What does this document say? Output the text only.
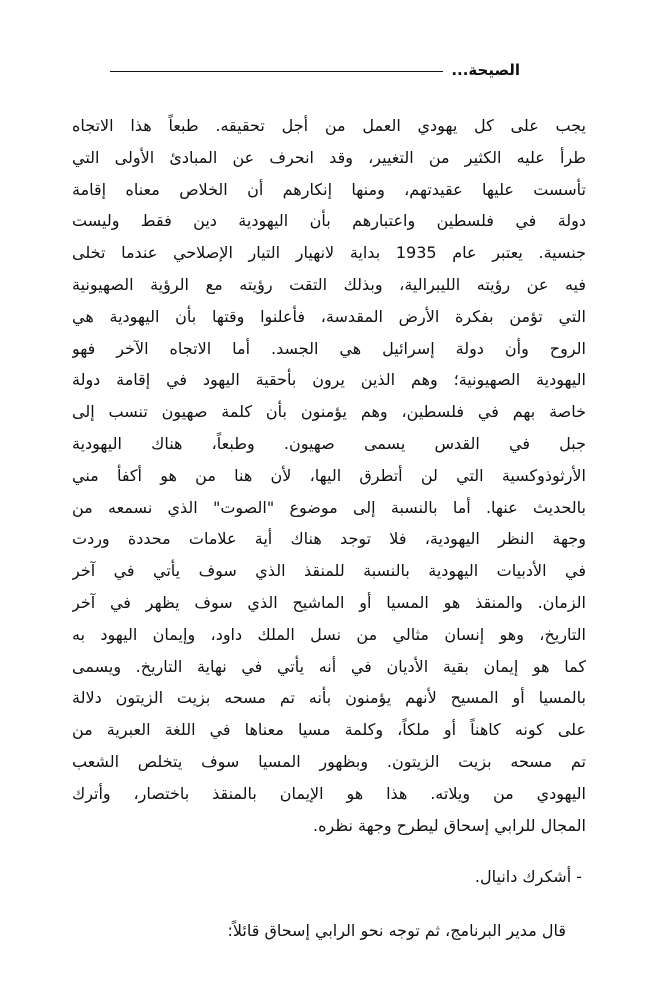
الصيحة...
يجب على كل يهودي العمل من أجل تحقيقه. طبعاً هذا الاتجاه
طرأ عليه الكثير من التغيير، وقد انحرف عن المبادئ الأولى التي
تأسست عليها عقيدتهم، ومنها إنكارهم أن الخلاص معناه إقامة
دولة في فلسطين واعتبارهم بأن اليهودية دين فقط وليست
جنسية. يعتبر عام 1935 بداية لانهيار التيار الإصلاحي عندما تخلى
فيه عن رؤيته الليبرالية، وبذلك التقت رؤيته مع الرؤية الصهيونية
التي تؤمن بفكرة الأرض المقدسة، فأعلنوا وقتها بأن اليهودية هي
الروح وأن دولة إسرائيل هي الجسد. أما الاتجاه الآخر فهو
اليهودية الصهيونية؛ وهم الذين يرون بأحقية اليهود في إقامة دولة
خاصة بهم في فلسطين، وهم يؤمنون بأن كلمة صهيون تنسب إلى
جبل في القدس يسمى صهيون. وطبعاً، هناك اليهودية
الأرثوذوكسية التي لن أتطرق اليها، لأن هنا من هو أكفأ مني
بالحديث عنها. أما بالنسبة إلى موضوع "الصوت" الذي نسمعه من
وجهة النظر اليهودية، فلا توجد هناك أية علامات محددة وردت
في الأدبيات اليهودية بالنسبة للمنقذ الذي سوف يأتي في آخر
الزمان. والمنقذ هو المسيا أو الماشيح الذي سوف يظهر في آخر
التاريخ، وهو إنسان مثالي من نسل الملك داود، وإيمان اليهود به
كما هو إيمان بقية الأديان في أنه يأتي في نهاية التاريخ. ويسمى
بالمسيا أو المسيح لأنهم يؤمنون بأنه تم مسحه بزيت الزيتون دلالة
على كونه كاهناً أو ملكاً، وكلمة مسيا معناها في اللغة العبرية من
تم مسحه بزيت الزيتون. وبظهور المسيا سوف يتخلص الشعب
اليهودي من ويلاته. هذا هو الإيمان بالمنقذ باختصار، وأترك
المجال للرابي إسحاق ليطرح وجهة نظره.

- أشكرك دانيال.

قال مدير البرنامج، ثم توجه نحو الرابي إسحاق قائلاً:
